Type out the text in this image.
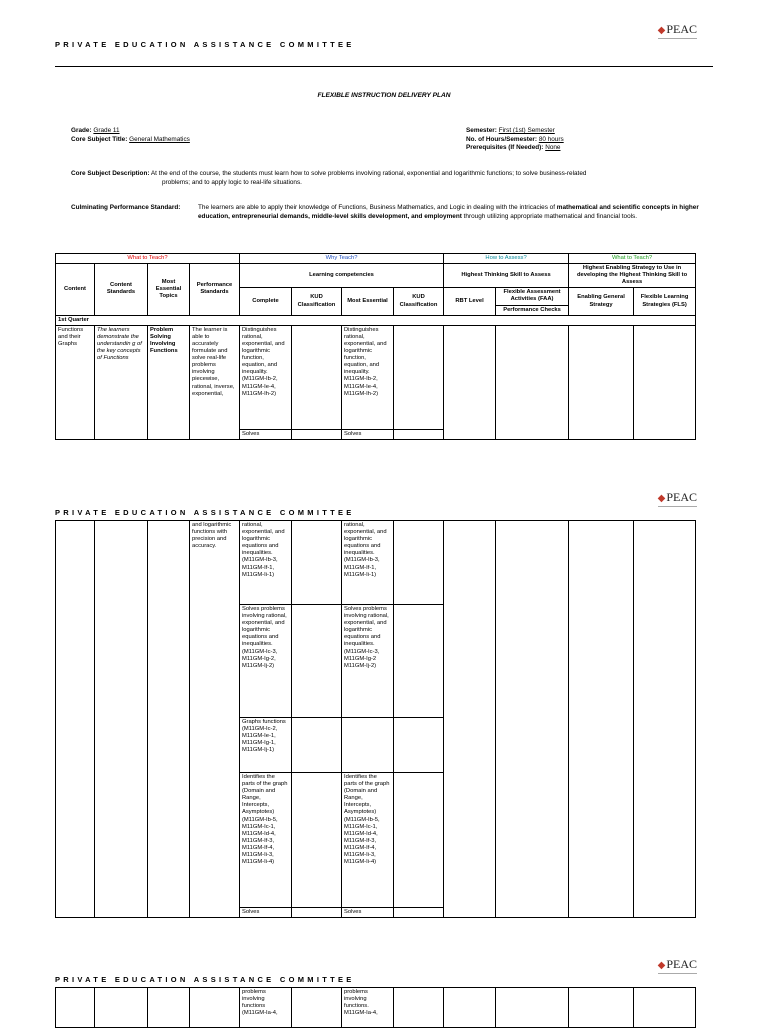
PRIVATE EDUCATION ASSISTANCE COMMITTEE
◆PEAC
FLEXIBLE INSTRUCTION DELIVERY PLAN
Grade: Grade 11
Core Subject Title: General Mathematics
Semester: First (1st) Semester
No. of Hours/Semester: 80 hours
Prerequisites (If Needed): None
Core Subject Description: At the end of the course, the students must learn how to solve problems involving rational, exponential and logarithmic functions; to solve business-related
problems; and to apply logic to real-life situations.
Culminating Performance Standard:	The learners are able to apply their knowledge of Functions, Business Mathematics, and Logic in dealing with the intricacies of mathematical and scientific concepts in higher education, entrepreneurial demands, middle-level skills development, and employment through utilizing appropriate mathematical and financial tools.
What to Teach?				Why Teach?				How to Assess?		What to Teach?	
Content	Content Standards	Most Essential Topics	Performance Standards	Learning competencies				Highest Thinking Skill to Assess		Highest Enabling Strategy to Use in developing the Highest Thinking Skill to Assess	
				Complete	KUD Classification	Most Essential	KUD Classification	RBT Level	Flexible Assessment Activities (FAA)	Enabling General Strategy	Flexible Learning Strategies (FLS)
									Performance Checks		
1st Quarter											
Functions and their Graphs	The learners demonstrate the understandin g of the key concepts of Functions	Problem Solving Involving Functions	The learner is able to accurately formulate and solve real-life problems involving piecewise, rational, inverse, exponential,	Distinguishes rational, exponential, and logarithmic function, equation, and inequality. (M11GM-Ib-2, M11GM-Ie-4, M11GM-Ih-2)		Distinguishes rational, exponential, and logarithmic function, equation, and inequality. M11GM-Ib-2, M11GM-Ie-4, M11GM-Ih-2)					
				Solves		Solves					
PRIVATE EDUCATION ASSISTANCE COMMITTEE
◆PEAC
			and logarithmic functions with precision and accuracy.	rational, exponential, and logarithmic equations and inequalities. (M11GM-Ib-3, M11GM-If-1, M11GM-Ii-1)		rational, exponential, and logarithmic equations and inequalities. (M11GM-Ib-3, M11GM-If-1, M11GM-Ii-1)					
				Solves problems involving rational, exponential, and logarithmic equations and inequalities. (M11GM-Ic-3, M11GM-Ig-2, M11GM-Ij-2)		Solves problems involving rational, exponential, and logarithmic equations and inequalities. (M11GM-Ic-3, M11GM-Ig-2 M11GM-Ij-2)					
				Graphs functions (M11GM-Ic-2, M11GM-Ie-1, M11GM-Ig-1, M11GM-Ij-1)							
				Identifies the parts of the graph (Domain and Range, Intercepts, Asymptotes) (M11GM-Ib-5, M11GM-Ic-1, M11GM-Id-4, M11GM-If-3, M11GM-If-4, M11GM-Ii-3, M11GM-Ii-4)		Identifies the parts of the graph (Domain and Range, Intercepts, Asymptotes) (M11GM-Ib-5, M11GM-Ic-1, M11GM-Id-4, M11GM-If-3, M11GM-If-4, M11GM-Ii-3, M11GM-Ii-4)					
				Solves		Solves					
PRIVATE EDUCATION ASSISTANCE COMMITTEE
◆PEAC
				problems involving functions (M11GM-Ia-4,		problems involving functions. M11GM-Ia-4,					
